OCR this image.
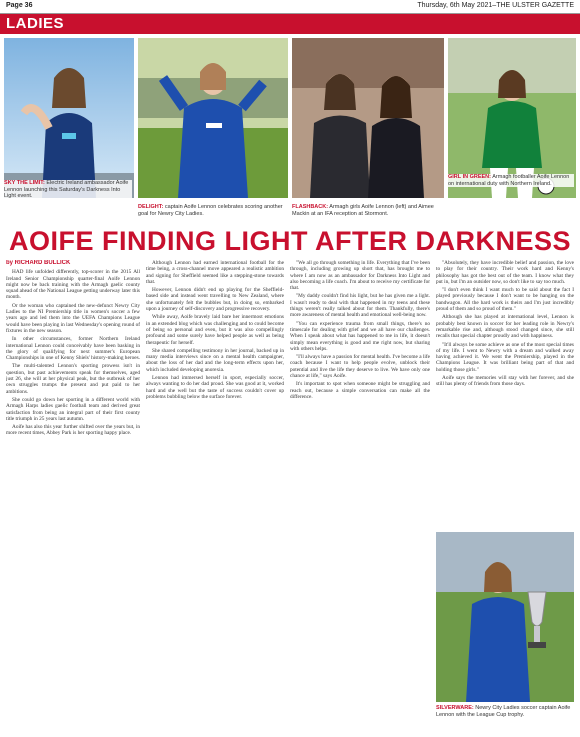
Page 36	Thursday, 6th May 2021–THE ULSTER GAZETTE
LADIES
SKY THE LIMIT: Electric Ireland ambassador Aoife Lennon launching this Saturday's Darkness Into Light event.
DELIGHT: captain Aoife Lennon celebrates scoring another goal for Newry City Ladies.
FLASHBACK: Armagh girls Aoife Lennon (left) and Aimee Mackin at an IFA reception at Stormont.
GIRL IN GREEN: Armagh footballer Aoife Lennon on international duty with Northern Ireland.
AOIFE FINDING LIGHT AFTER DARKNESS
by RICHARD BULLICK

HAD life unfolded differently, top-scorer in the 2015 All Ireland Senior Championship quarter-final Aoife Lennon might now be back training with the Armagh gaelic county squad ahead of the National League getting underway later this month.

Or the woman who captained the new-defunct Newry City Ladies to the NI Premiership title in women's soccer a few years ago and led them into the UEFA Champions League would have been playing in last Wednesday's opening round of fixtures in the new season.

In other circumstances, former Northern Ireland international Lennon could conceivably have been basking in the glory of qualifying for next summer's European Championships in one of Kenny Shiels' history-making heroes.

The multi-talented Lennon's sporting prowess isn't in question, but past achievements speak for themselves, aged just 26, she will at her physical peak, but the outbreak of her own struggles trumps the present and put paid to her ambitions.

She could go down her sporting in a different world with Armagh Harps ladies gaelic football team and derived great satisfaction from being an integral part of their first county title triumph in 25 years last autumn.

Aoife has also this year further shifted over the years but, in more recent times, Abbey Park is her sporting happy place.

Although Lennon had earned international football for the time being, a cross-channel move appeared a realistic ambition and signing for Sheffield seemed like a stepping-stone towards that.

However, Lennon didn't end up playing for the Sheffield-based side and instead went travelling to New Zealand, where she unfortunately felt the bubbles but, in doing so, embarked upon a journey of self-discovery and progressive recovery.

While away, Aoife bravely laid bare her innermost emotions in an extended blog which was challenging and to could become of being so personal and even, but it was also compellingly profound and some surely have helped people as well as being therapeutic for herself.

She shared compelling testimony in her journal, backed up in many media interviews since on a mental health campaigner, about the loss of her dad and the long-term effects upon her, which included developing anorexia.

Lennon had immersed herself in sport, especially soccer, always wanting to do her dad proud. She was good at it, worked hard and she well but the taste of success couldn't cover up problems bubbling below the surface forever.

"We all go through something in life. Everything that I've been through, including growing up short that, has brought me to where I am now as an ambassador for Darkness Into Light and also becoming a life coach. I'm about to receive my certificate for that.

"My daddy couldn't find his light, but he has given me a light. I wasn't ready to deal with that happened in my teens and these things weren't really talked about for them. Thankfully, there's more awareness of mental health and emotional well-being now.

"You can experience trauma from small things, there's no timescale for dealing with grief and we all have our challenges. When I speak about what has happened to me in life, it doesn't simply mean everything is good and me right now, but sharing with others helps.

"I'll always have a passion for mental health. I've become a life coach because I want to help people evolve, unblock their potential and live the life they deserve to live. We have only one chance at life," says Aoife.

It's important to spot when someone might be struggling and reach out, because a simple conversation can make all the difference.

"Absolutely, they have incredible belief and passion, the love to play for their country. Their work hard and Kenny's philosophy has got the best out of the team. I know what they put in, but I'm an outsider now, so don't like to say too much.

"I don't even think I want much to be said about the fact I played previously because I don't want to be hanging on the bandwagon. All the hard work is theirs and I'm just incredibly proud of them and so proud of them."

Although she has played at international level, Lennon is probably best known in soccer for her leading role in Newry's remarkable rise and, although stood changed since, she still recalls that special chapter proudly and with happiness.

"It'll always be some achieve as one of the most special times of my life. I went to Newry with a dream and walked away having achieved it. We went the Premiership, played in the Champions League. It was brilliant being part of that and holding those girls."

Aoife says the memories will stay with her forever, and she still has plenty of friends from those days.

SILVERWARE: Newry City Ladies soccer captain Aoife Lennon with the League Cup trophy.
